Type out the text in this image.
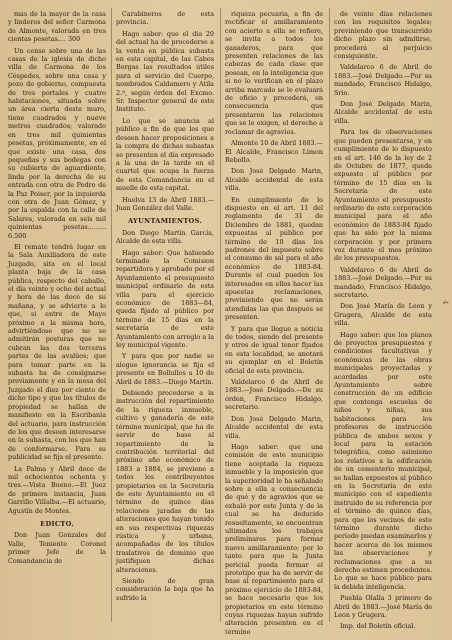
mas de la mayor de la casa y linderos del señor Carmona de Almonte, valorada en tres cientas pesetas.... 300

Un censo sobre una de las casas de la iglesia de dicho villa de Carmona de los Céspedes, sobre una casa y pozo de gobierno, compuesta de tres portales y cuatro habitaciones, situada sobre un área cierta deste muro, tiene cuadrados y nueve metros cuadrados; valorado en tres mil quinientas pesetas, próximamente, en el que existe una casa, dos pequeñas y sus bodegas con su cubierta de aguardiente, linda por la derecha de su entrada con otra de Pedro de la Paz Poiser, por la izquierda con otra de Juan Gómez, y por la espalda con la calle de Salares, valorada en seis mil quinientas pesetas......... 6.500

El remate tendrá lugar en la Sala Auxiliadora de este Juzgado, sita en el local planta baja de la casa pública, respecto del caballo, el día veinte y ocho del actual y hora de las doce de su mañana, y se advierte a lo que, si entre de Mayo próximo a la misma hora, advirtiéndose que no se admitirán posturas que no cubran las dos terceras partes de las avalúos; que para tomar parte en la subasta ha de consignarse previamente y en la mesa del Juzgado el diez por ciento de dicho tipo y que los títulos de propiedad se hallan de manifiesto en la Escribanía del actuario, para instrucción de los que deseen interesarse en la subasta, con los que han de conformarse. Para su publicidad se fija el presente.

La Palma y Abril doce de mil ochocientos ochenta y tres.—Vista Bueno.—El Juez de primera instancia, Juan Garrillo Villalba.—El actuario, Agustín de Montes.

EDICTO.

Don Juan Gonzales del Valle, Teniente Coronel primer Jefe de la Comandancia de

Carabineros de esta provincia.

Hago saber: que el día 29 del actual ha de procederse a la venta en pública subasta en esta capital, de las Cabos Bergas las resultados útiles para el servicio del Cuerpo, nombrados Caldamero y Atila 2.º, según órden del Excmo. Sr. Inspector general de este Instituto.

Lo que se anuncia al público a fin de que los que deseen hacer proposiciones a la compra de dichas subastas se presenten el día expresado a la una de la tarde en el cuartel que ocupa la fuerza de esta Comandancia en el muelle de esta capital.

Huelva 13 de Abril 1883.—Juan González del Valle.

AYUNTAMIENTOS.

Don Diego Martín García, Alcalde de esta villa.

Hago saber: Que habiendo terminado la Comision repartidora y aprobado por el Ayuntamiento el presupuesto municipal ordinario de esta villa para el ejercicio económico de 1883—84, queda fijado al público por término de 15 días en la secretaría de este Ayuntamiento con arreglo a la ley municipal vigente.

Y para que por nadie se alegue ignorancia se fija el presente en Bollullos a 10 de Abril de 1883.—Diego Martín.

Debiendo procederse a la instrucción del repartimiento de la riqueza inmueble, cultivo y ganadería de este término municipal, que ha de servir de base al repartimiento de la contribución territorial del próximo año económico de 1883 a 1884, se previene a todos los contribuyentes propietarios en la Secretaría de este Ayuntamiento en el término de quince días relaciones juradas de las alteraciones que hayan tenido en sus respectivas riquezas rústica y urbana, acompañadas de los títulos traslativos de dominio que justifiquen dichas alteraciones.

Siendo de gran consideración la baja que ha sufrido la

riqueza pecuaria, a fin de rectificar el amillaramiento con acierto a ella se refiere, se invita a todos los ganaderos, para que presenten relaciones de las cabezas de cada clase que posean, en la inteligencia que si no lo verifican en el plazo arriba marcado se le evaluará de oficio y procederá, en consecuencia que presentaron las relaciones que se le exigen, el derecho a reclamar de agravios.

Almonte 10 de Abril 1883.—El Alcalde, Francisco Limon Rebollo.

Don José Delgado Marin, Alcalde accidental de esta villa.

En cumplimiento de lo dispuesto en el art. 11 del reglamento de 31 de Diciembre de 1881, quedan expuestas al público por término de 10 días los padrones del impuesto sobre el consumo de sal para el año económico de 1883-84. Durante el cual pueden los interesados en ellos hacer las apuestas reclamaciones, previniendo que no serán atendidas las que después se presenten.

Y para que llegue a noticia de todos, siendo del presente y otros de igual tenor fijados en esta localidad, se anotará su ejemplar en el Boletín oficial de esta provincia.

Valdelarco 6 de Abril de 1883.—José Delgado.—De su órden, Francisco Hidalgo, secretario.

Don José Delgado Marin, Alcalde accidental de esta villa.

Hago saber: que una comisión de este municipio tiene aceptada la riqueza inmueble y la imposición que la superioridad le ha señalado sobre a ella a consecuencia de qué y de agravios que se exhaló por este Junta y de la cual se ha deducido resueltamente, se encuentran ultimados los trabajos preliminares para formar nuevo amillaramiento; por lo tanto para que la Junta pericial pueda formar el prototipo que ha de servir de base al repartimiento para el próximo ejercicio de 1883-84, se hace necesario que los propietarios en este término cuyas riquezas hayan sufrido alteración presenten en el término

de veinte días relaciones con los requisitos legales; previniendo que transcurrido dicho plazo sin admitirse, procederá al perjuicio consiguiente.

Valdelarco 6 de Abril de 1883.—José Delgado.—Por su mandado, Francisco Hidalgo, Srio.

Don José Delgado Marin, Alcalde accidental de esta villa.

Para los de observaciones que pueden presentarse, y en cumplimiento de lo dispuesto en el art. 146 de la ley de 2 de Octubre de 1877, queda expuesto al público por término de 15 días en la Secretaría de este Ayuntamiento el presupuesto ordinario de este corporación municipal para el año económico de 1883-84 fijado que ha sido por la misma corporación y por primera vez durante el mes próximo de los presupuestos.

Valdelarco 6 de Abril de 1883.—José Delgado.—Por su mandado, Francisco Hidalgo, secretario.

Don José María de Leon y Grugera, Alcalde de esta villa.

Hago saber: que los planos de proyectos presupuestos y condiciones facultativas y económicas de las obras municipales proyectadas y acordadas por este Ayuntamiento sobre construcción de un edificio que contenga escuelas de niños y niñas, sus habitaciones para los profesores de instrucción pública de ambos sexos y local para la estación telegráfica, como asimismo los relativos a la edificación de un cementerio municipal, se hallan expuestos al público en la Secretaría de este municipio con el expediente instruido de su referencia por el término de quince días, para que los vecinos de este término durante dicho período puedan examinarlos y hacer acerca de los mismos las observaciones y reclamaciones que a su derecho estimen procedentes. Lo que se hace público para la debida inteligencia.

Puebla Olalla 3 primero de Abril de 1883.—José María de Leon y Grugera.

Imp. del Boletín oficial.

4
